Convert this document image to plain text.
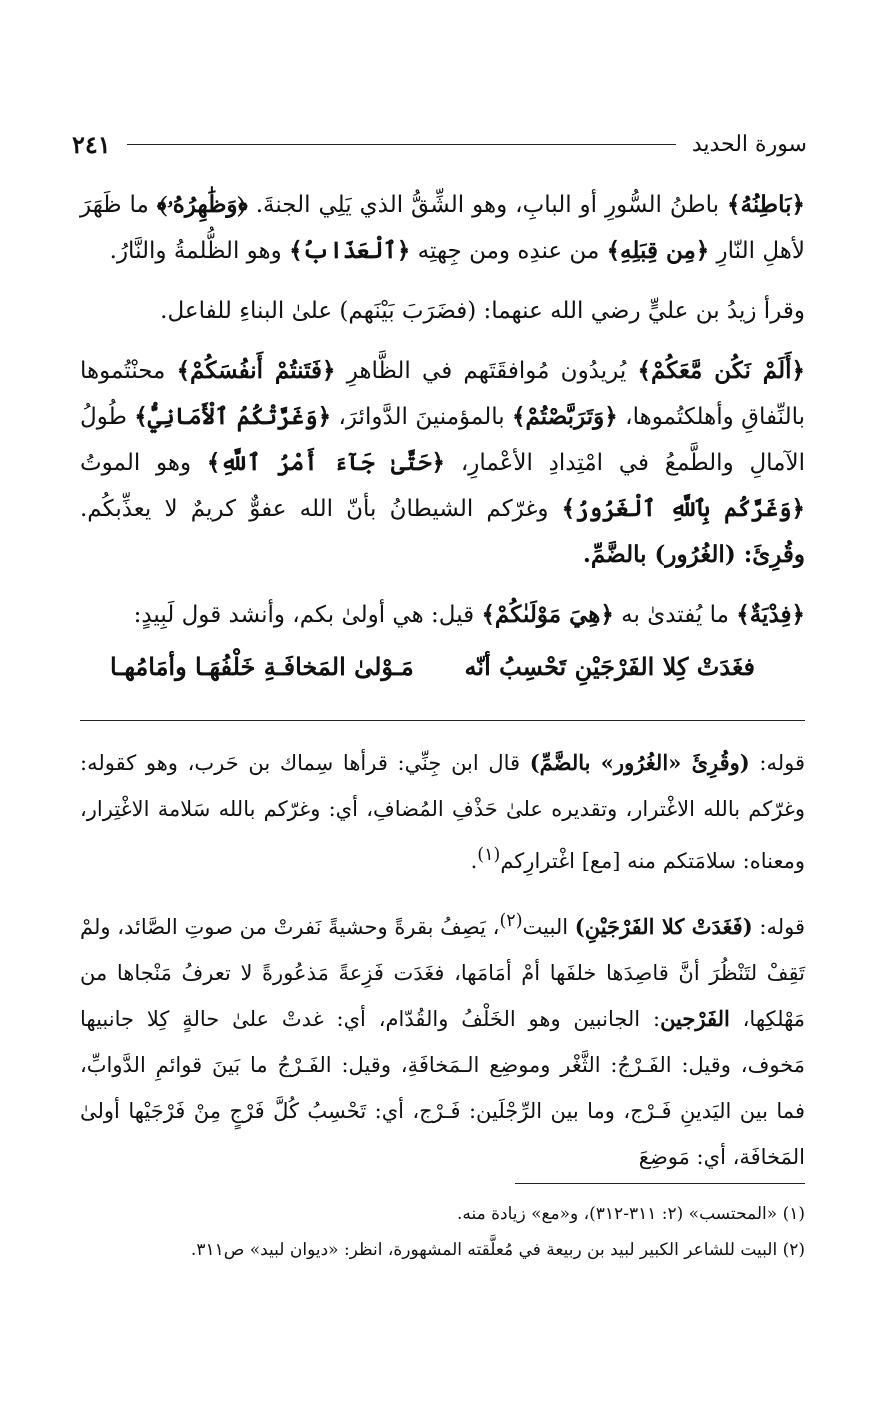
سورة الحديد
٢٤١

﴿بَاطِنُهُ﴾ باطنُ السُّورِ أو البابِ، وهو الشِّقُّ الذي يَلِي الجنةَ. ﴿وَظَٰهِرُهُۥ﴾ ما ظَهَرَ لأهلِ النّارِ ﴿مِن قِبَلِهِ﴾ من عندِه ومن جِهتِه ﴿ٱلْعَذَابُ﴾ وهو الظُّلمةُ والنَّارُ.

وقرأ زيدُ بن عليٍّ رضي الله عنهما: (فضَرَبَ بَيْنَهم) علىٰ البناءِ للفاعل.

﴿أَلَمْ نَكُن مَّعَكُمْ﴾ يُريدُون مُوافقَتَهم في الظَّاهرِ ﴿فَتَنتُمْ أَنفُسَكُمْ﴾ محنْتُموها بالنِّفاقِ وأهلكتُموها، ﴿وَتَرَبَّصْتُمْ﴾ بالمؤمنينَ الدَّوائرَ، ﴿وَغَرَّتْكُمُ ٱلْأَمَانِيُّ﴾ طُولُ الآمالِ والطَّمعُ في امْتِدادِ الأعْمارِ، ﴿حَتَّىٰ جَآءَ أَمْرُ ٱللَّهِ﴾ وهو الموتُ ﴿وَغَرَّكُم بِٱللَّهِ ٱلْغَرُورُ﴾ وغرّكم الشيطانُ بأنّ الله عفوٌّ كريمٌ لا يعذِّبكُم. وقُرِئَ: (الغُرُور) بالضَّمِّ.

﴿فِدْيَةٌ﴾ ما يُفتدىٰ به ﴿هِيَ مَوْلَىٰكُمْ﴾ قيل: هي أولىٰ بكم، وأنشد قول لَبِيدٍ:

فغَدَتْ كِلا الفَرْجَيْنِ تَحْسِبُ أنّه
مَـوْلىٰ المَخافَـةِ خَلْفُهَـا وأمَامُهـا

قوله: (وقُرِئَ «الغُرُور» بالضَّمِّ) قال ابن جِنِّي: قرأها سِماك بن حَرب، وهو كقوله: وغرّكم بالله الاغْترار، وتقديره علىٰ حَذْفِ المُضافِ، أي: وغرّكم بالله سَلامة الاغْتِرار، ومعناه: سلامَتكم منه [مع] اغْترارِكم$^{(١)}$.

قوله: (فَغَدَتْ كلا الفَرْجَيْنِ) البيت$^{(٢)}$، يَصِفُ بقرةً وحشيةً نَفرتْ من صوتِ الصَّائد، ولمْ تَقِفْ لتَنْظُرَ أنَّ قاصِدَها خلفَها أمْ أمَامَها، فغَدَت فَزِعةً مَذعُورةً لا تعرفُ مَنْجاها من مَهْلكِها، الفَرْجين: الجانبين وهو الخَلْفُ والقُدّام، أي: غدتْ علىٰ حالةٍ كِلا جانبيها مَخوف، وقيل: الفَـرْجُ: الثَّغْر وموضِع الـمَخافَةِ، وقيل: الفَـرْجُ ما بَينَ قوائمِ الدَّوابِّ، فما بين اليَدينِ فَـرْج، وما بين الرِّجْلَين: فَـرْج، أي: تَحْسِبُ كُلَّ فَرْجٍ مِنْ فَرْجَيْها أولىٰ المَخافَة، أي: مَوضِعَ

(١) «المحتسب» (٢: ٣١١-٣١٢)، و«مع» زيادة منه.

(٢) البيت للشاعر الكبير لبيد بن ربيعة في مُعلَّقته المشهورة، انظر: «ديوان لبيد» ص٣١١.
